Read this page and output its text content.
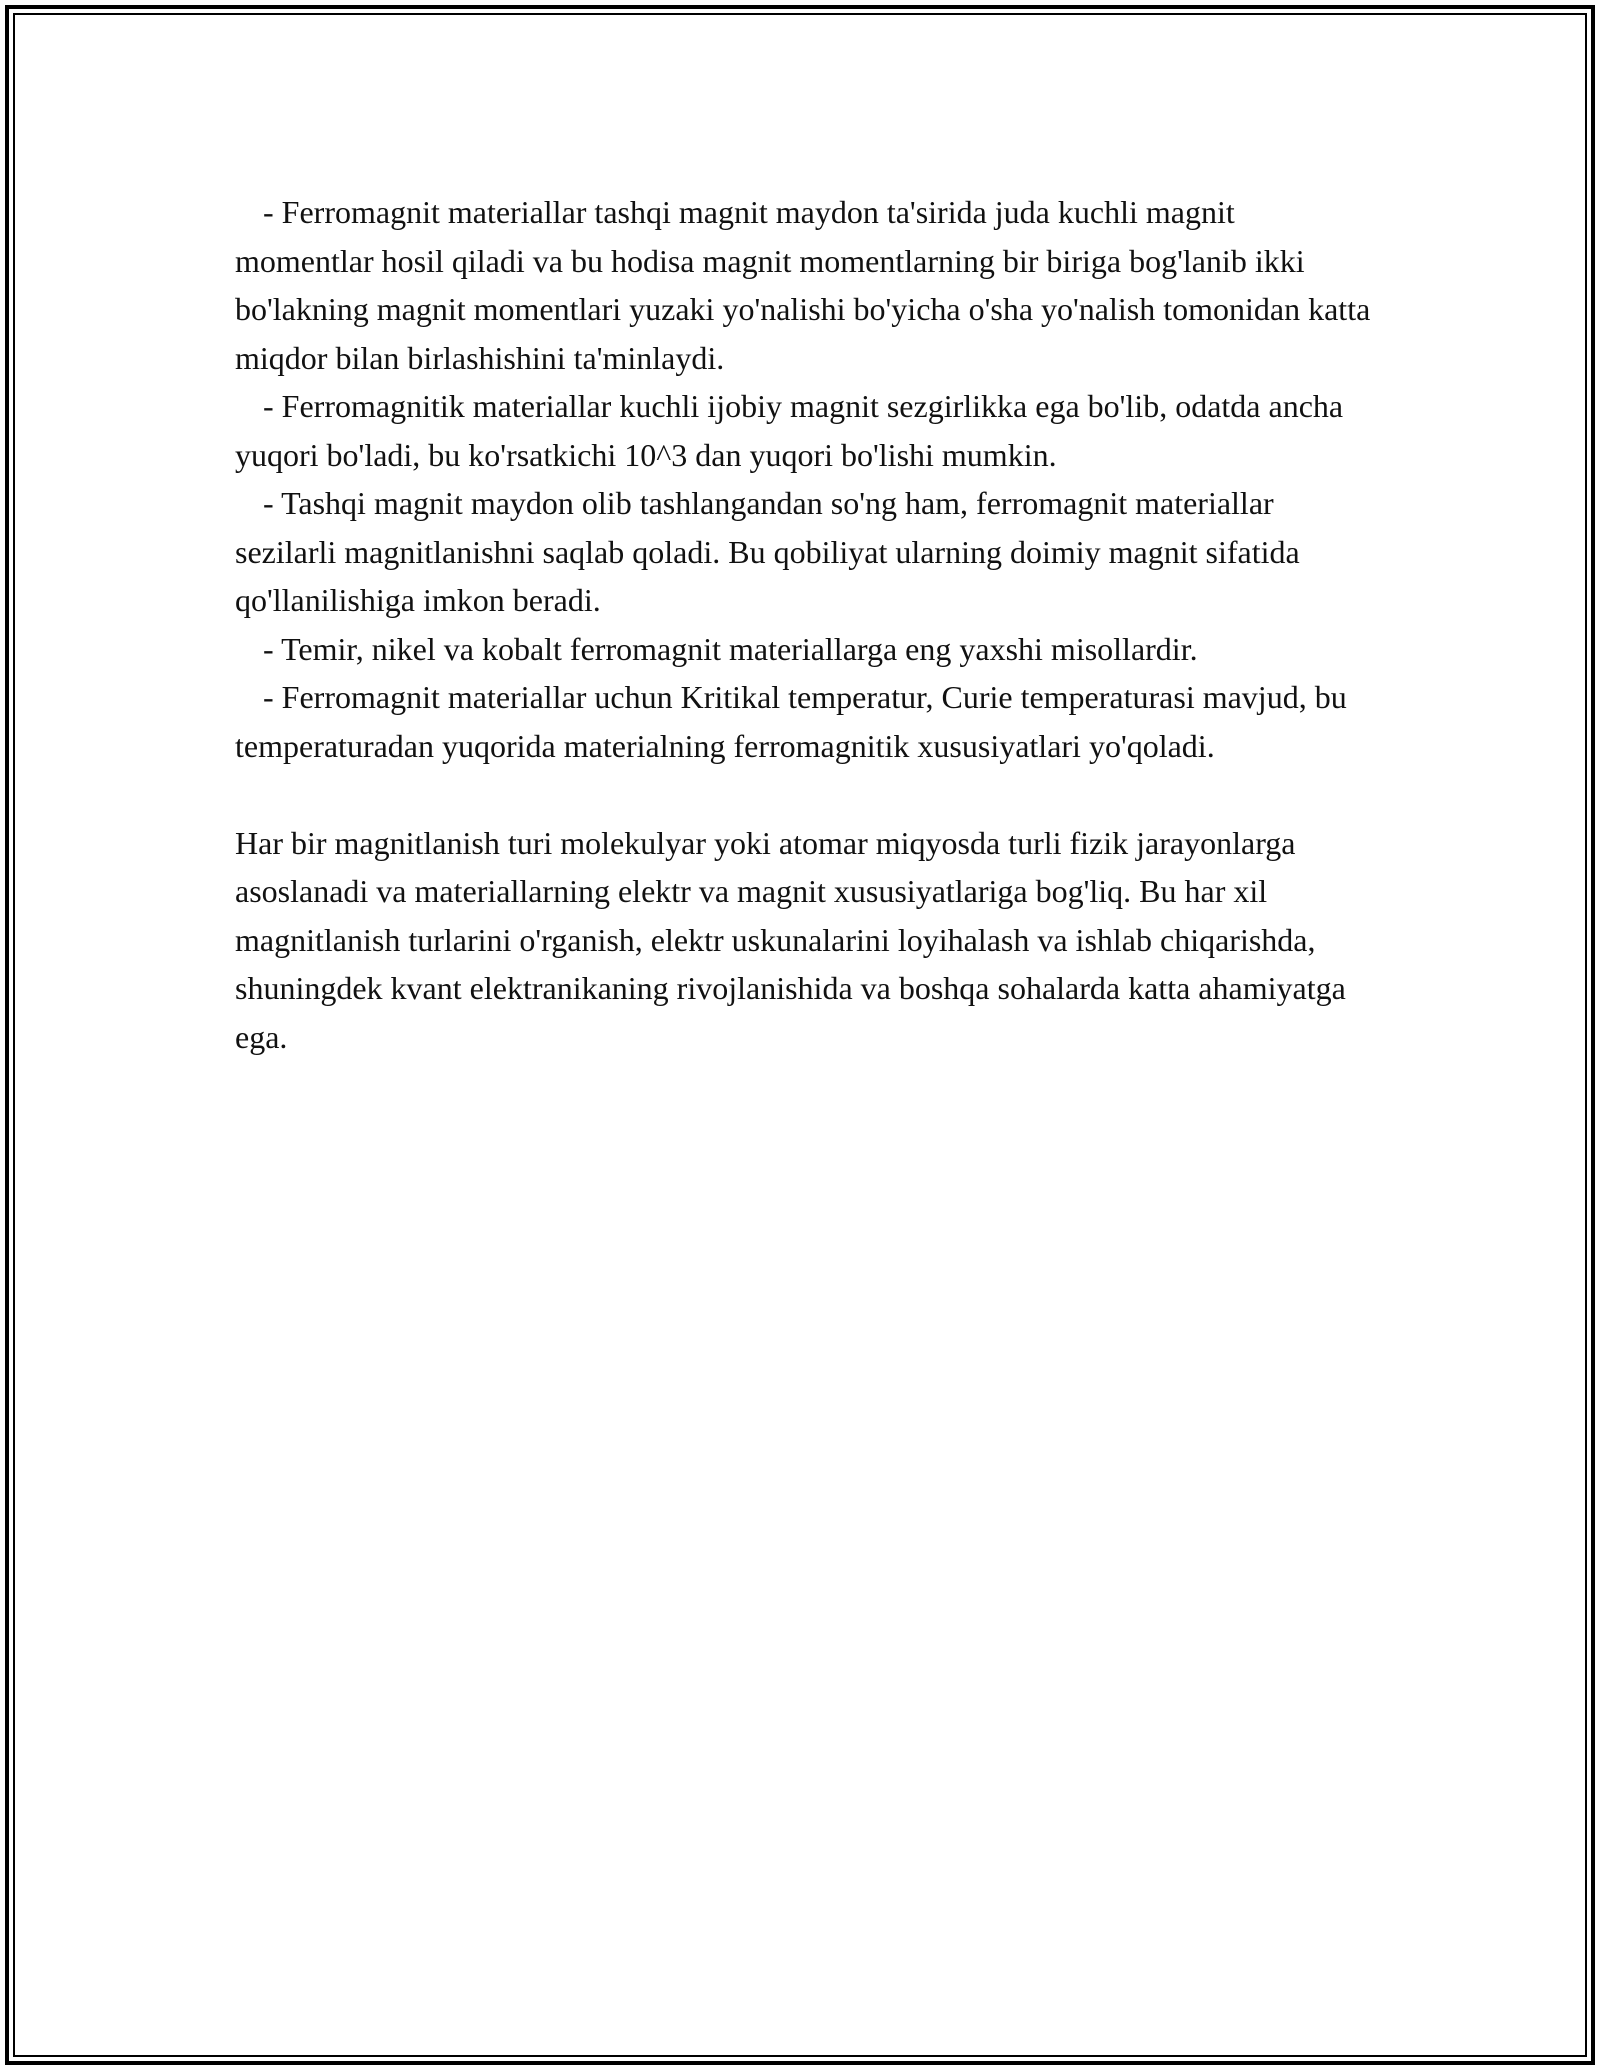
- Ferromagnit materiallar tashqi magnit maydon ta'sirida juda kuchli magnit momentlar hosil qiladi va bu hodisa magnit momentlarning bir biriga bog'lanib ikki bo'lakning magnit momentlari yuzaki yo'nalishi bo'yicha o'sha yo'nalish tomonidan katta miqdor bilan birlashishini ta'minlaydi.

- Ferromagnitik materiallar kuchli ijobiy magnit sezgirlikka ega bo'lib, odatda ancha yuqori bo'ladi, bu ko'rsatkichi 10^3 dan yuqori bo'lishi mumkin.

- Tashqi magnit maydon olib tashlangandan so'ng ham, ferromagnit materiallar sezilarli magnitlanishni saqlab qoladi. Bu qobiliyat ularning doimiy magnit sifatida qo'llanilishiga imkon beradi.

- Temir, nikel va kobalt ferromagnit materiallarga eng yaxshi misollardir.

- Ferromagnit materiallar uchun Kritikal temperatur, Curie temperaturasi mavjud, bu temperaturadan yuqorida materialning ferromagnitik xususiyatlari yo'qoladi.

Har bir magnitlanish turi molekulyar yoki atomar miqyosda turli fizik jarayonlarga asoslanadi va materiallarning elektr va magnit xususiyatlariga bog'liq. Bu har xil magnitlanish turlarini o'rganish, elektr uskunalarini loyihalash va ishlab chiqarishda, shuningdek kvant elektranikaning rivojlanishida va boshqa sohalarda katta ahamiyatga ega.
